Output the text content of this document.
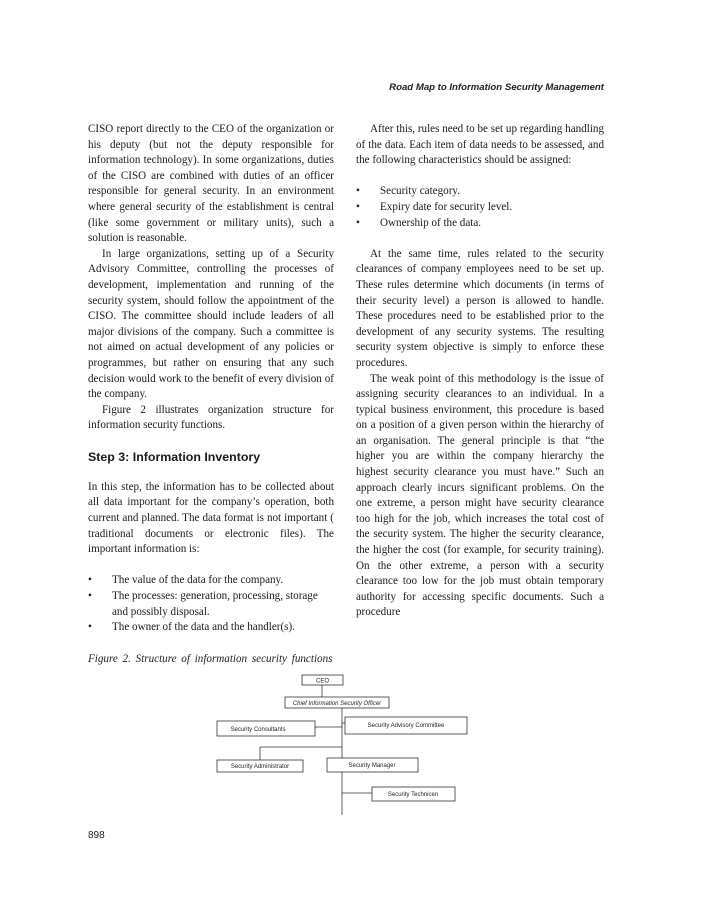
Road Map to Information Security Management

CISO report directly to the CEO of the organization or his deputy (but not the deputy responsible for information technology). In some organizations, duties of the CISO are combined with duties of an officer responsible for general security. In an environment where general security of the establishment is central (like some government or military units), such a solution is reasonable.

In large organizations, setting up of a Security Advisory Committee, controlling the processes of development, implementation and running of the security system, should follow the appointment of the CISO. The committee should include leaders of all major divisions of the company. Such a committee is not aimed on actual development of any policies or programmes, but rather on ensuring that any such decision would work to the benefit of every division of the company.

Figure 2 illustrates organization structure for information security functions.

Step 3: Information Inventory

In this step, the information has to be collected about all data important for the company’s operation, both current and planned. The data format is not important ( traditional documents or electronic files). The important information is:

• The value of the data for the company.
• The processes: generation, processing, storage and possibly disposal.
• The owner of the data and the handler(s).

After this, rules need to be set up regarding handling of the data. Each item of data needs to be assessed, and the following characteristics should be assigned:

• Security category.
• Expiry date for security level.
• Ownership of the data.

At the same time, rules related to the security clearances of company employees need to be set up. These rules determine which documents (in terms of their security level) a person is allowed to handle. These procedures need to be established prior to the development of any security systems. The resulting security system objective is simply to enforce these procedures.

The weak point of this methodology is the issue of assigning security clearances to an individual. In a typical business environment, this procedure is based on a position of a given person within the hierarchy of an organisation. The general principle is that “the higher you are within the company hierarchy the highest security clearance you must have.” Such an approach clearly incurs significant problems. On the one extreme, a person might have security clearance too high for the job, which increases the total cost of the security system. The higher the security clearance, the higher the cost (for example, for security training). On the other extreme, a person with a security clearance too low for the job must obtain temporary authority for accessing specific documents. Such a procedure

Figure 2. Structure of information security functions
CEO
Chief Information Security Officer
Security Consultants
Security Advisory Committee
Security Administrator	Security Manager
Security Technicen
898
